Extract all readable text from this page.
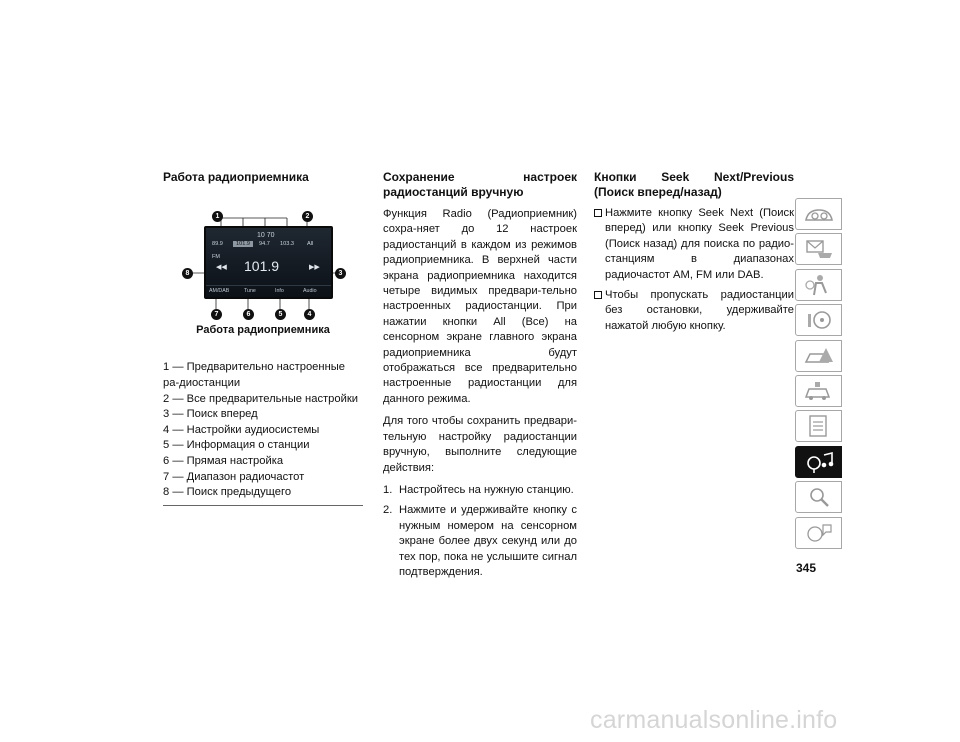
Работа радиоприемника
10 70
89.9	101.9	94.7 103.3 All
FM
◀◀ 101.9	▶▶
AM/DAB	Tune	Info	Audio
1	2
3
4
5
6
7
8
Работа радиоприемника
1 — Предварительно настроенные ра-диостанции
2 — Все предварительные настройки
3 — Поиск вперед
4 — Настройки аудиосистемы
5 — Информация о станции
6 — Прямая настройка
7 — Диапазон радиочастот
8 — Поиск предыдущего
Сохранение настроек радиостанций вручную

Функция Radio (Радиоприемник) сохра-няет до 12 настроек радиостанций в каждом из режимов радиоприемника. В верхней части экрана радиоприемника находится четыре видимых предвари-тельно настроенных радиостанции. При нажатии кнопки All (Все) на сенсорном экране главного экрана радиоприемника будут отображаться все предварительно настроенные радиостанции для данного режима.

Для того чтобы сохранить предвари-тельную настройку радиостанции вручную, выполните следующие действия:

1. Настройтесь на нужную станцию.
2. Нажмите и удерживайте кнопку с нужным номером на сенсорном экране более двух секунд или до тех пор, пока не услышите сигнал подтверждения.
Кнопки Seek Next/Previous (Поиск вперед/назад)
Нажмите кнопку Seek Next (Поиск вперед) или кнопку Seek Previous (Поиск назад) для поиска по радио-станциям в диапазонах радиочастот AM, FM или DAB.
Чтобы пропускать радиостанции без остановки, удерживайте нажатой любую кнопку.
345
carmanualsonline.info
